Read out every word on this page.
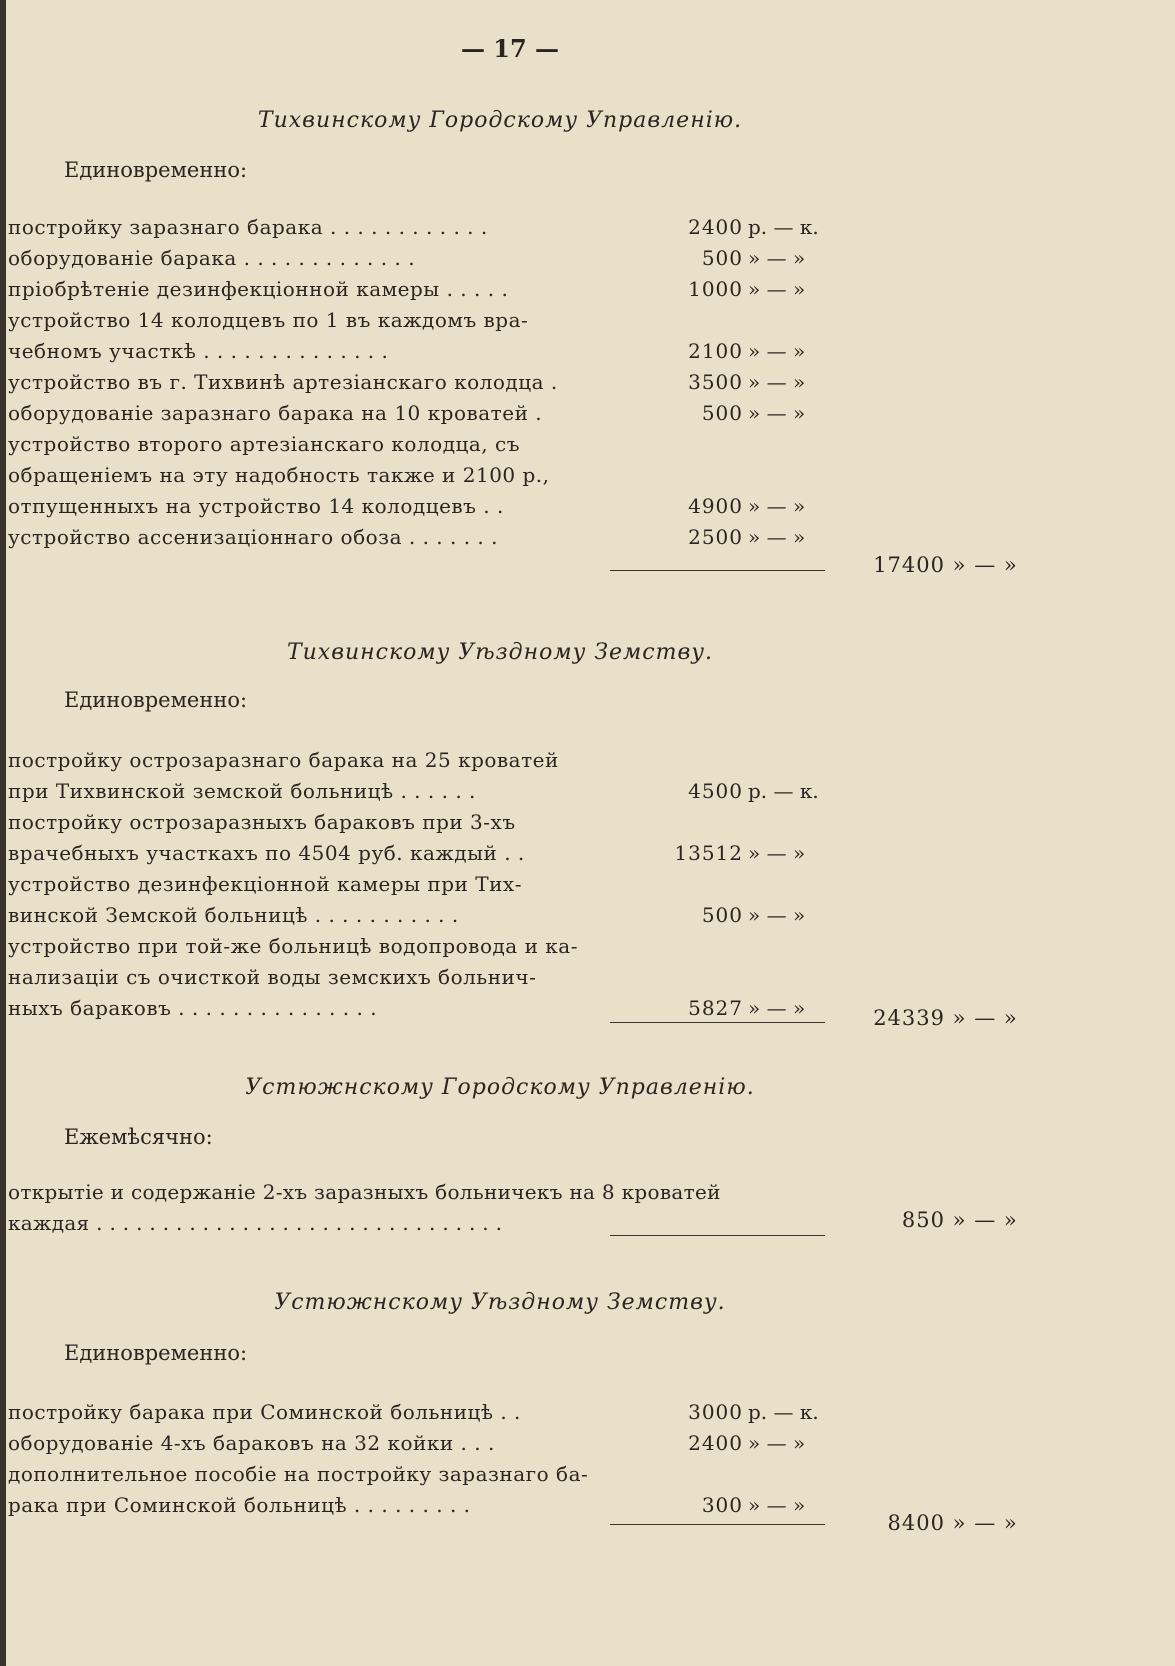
— 17 —
Тихвинскому Городскому Управленію.
Единовременно:
постройку заразнаго барака . . . . . . . . . . . .	2400 р. — к.
оборудованіе барака . . . . . . . . . . . . .	500 » — »
пріобрѣтеніе дезинфекціонной камеры . . . . .	1000 » — »
устройство 14 колодцевъ по 1 въ каждомъ вра-
чебномъ участкѣ . . . . . . . . . . . . . .	2100 » — »
устройство въ г. Тихвинѣ артезіанскаго колодца .	3500 » — »
оборудованіе заразнаго барака на 10 кроватей .	500 » — »
устройство второго артезіанскаго колодца, съ
обращеніемъ на эту надобность также и 2100 р.,
отпущенныхъ на устройство 14 колодцевъ . .	4900 » — »
устройство ассенизаціоннаго обоза . . . . . . .	2500 » — »
17400 » — »
Тихвинскому Уѣздному Земству.
Единовременно:
постройку острозаразнаго барака на 25 кроватей
при Тихвинской земской больницѣ . . . . . .	4500 р. — к.
постройку острозаразныхъ бараковъ при 3-хъ
врачебныхъ участкахъ по 4504 руб. каждый . .	13512 » — »
устройство дезинфекціонной камеры при Тих-
винской Земской больницѣ . . . . . . . . . . .	500 » — »
устройство при той-же больницѣ водопровода и ка-
нализаціи съ очисткой воды земскихъ больнич-
ныхъ бараковъ . . . . . . . . . . . . . . .	5827 » — »	24339 » — »
Устюжнскому Городскому Управленію.
Ежемѣсячно:
открытіе и содержаніе 2-хъ заразныхъ больничекъ на 8 кроватей
каждая . . . . . . . . . . . . . . . . . . . . . . . . . . . . . . .	850 » — »
Устюжнскому Уѣздному Земству.
Единовременно:
постройку барака при Соминской больницѣ . .	3000 р. — к.
оборудованіе 4-хъ бараковъ на 32 койки . . .	2400 » — »
дополнительное пособіе на постройку заразнаго ба-
рака при Соминской больницѣ . . . . . . . . .	300 » — »
8400 » — »
